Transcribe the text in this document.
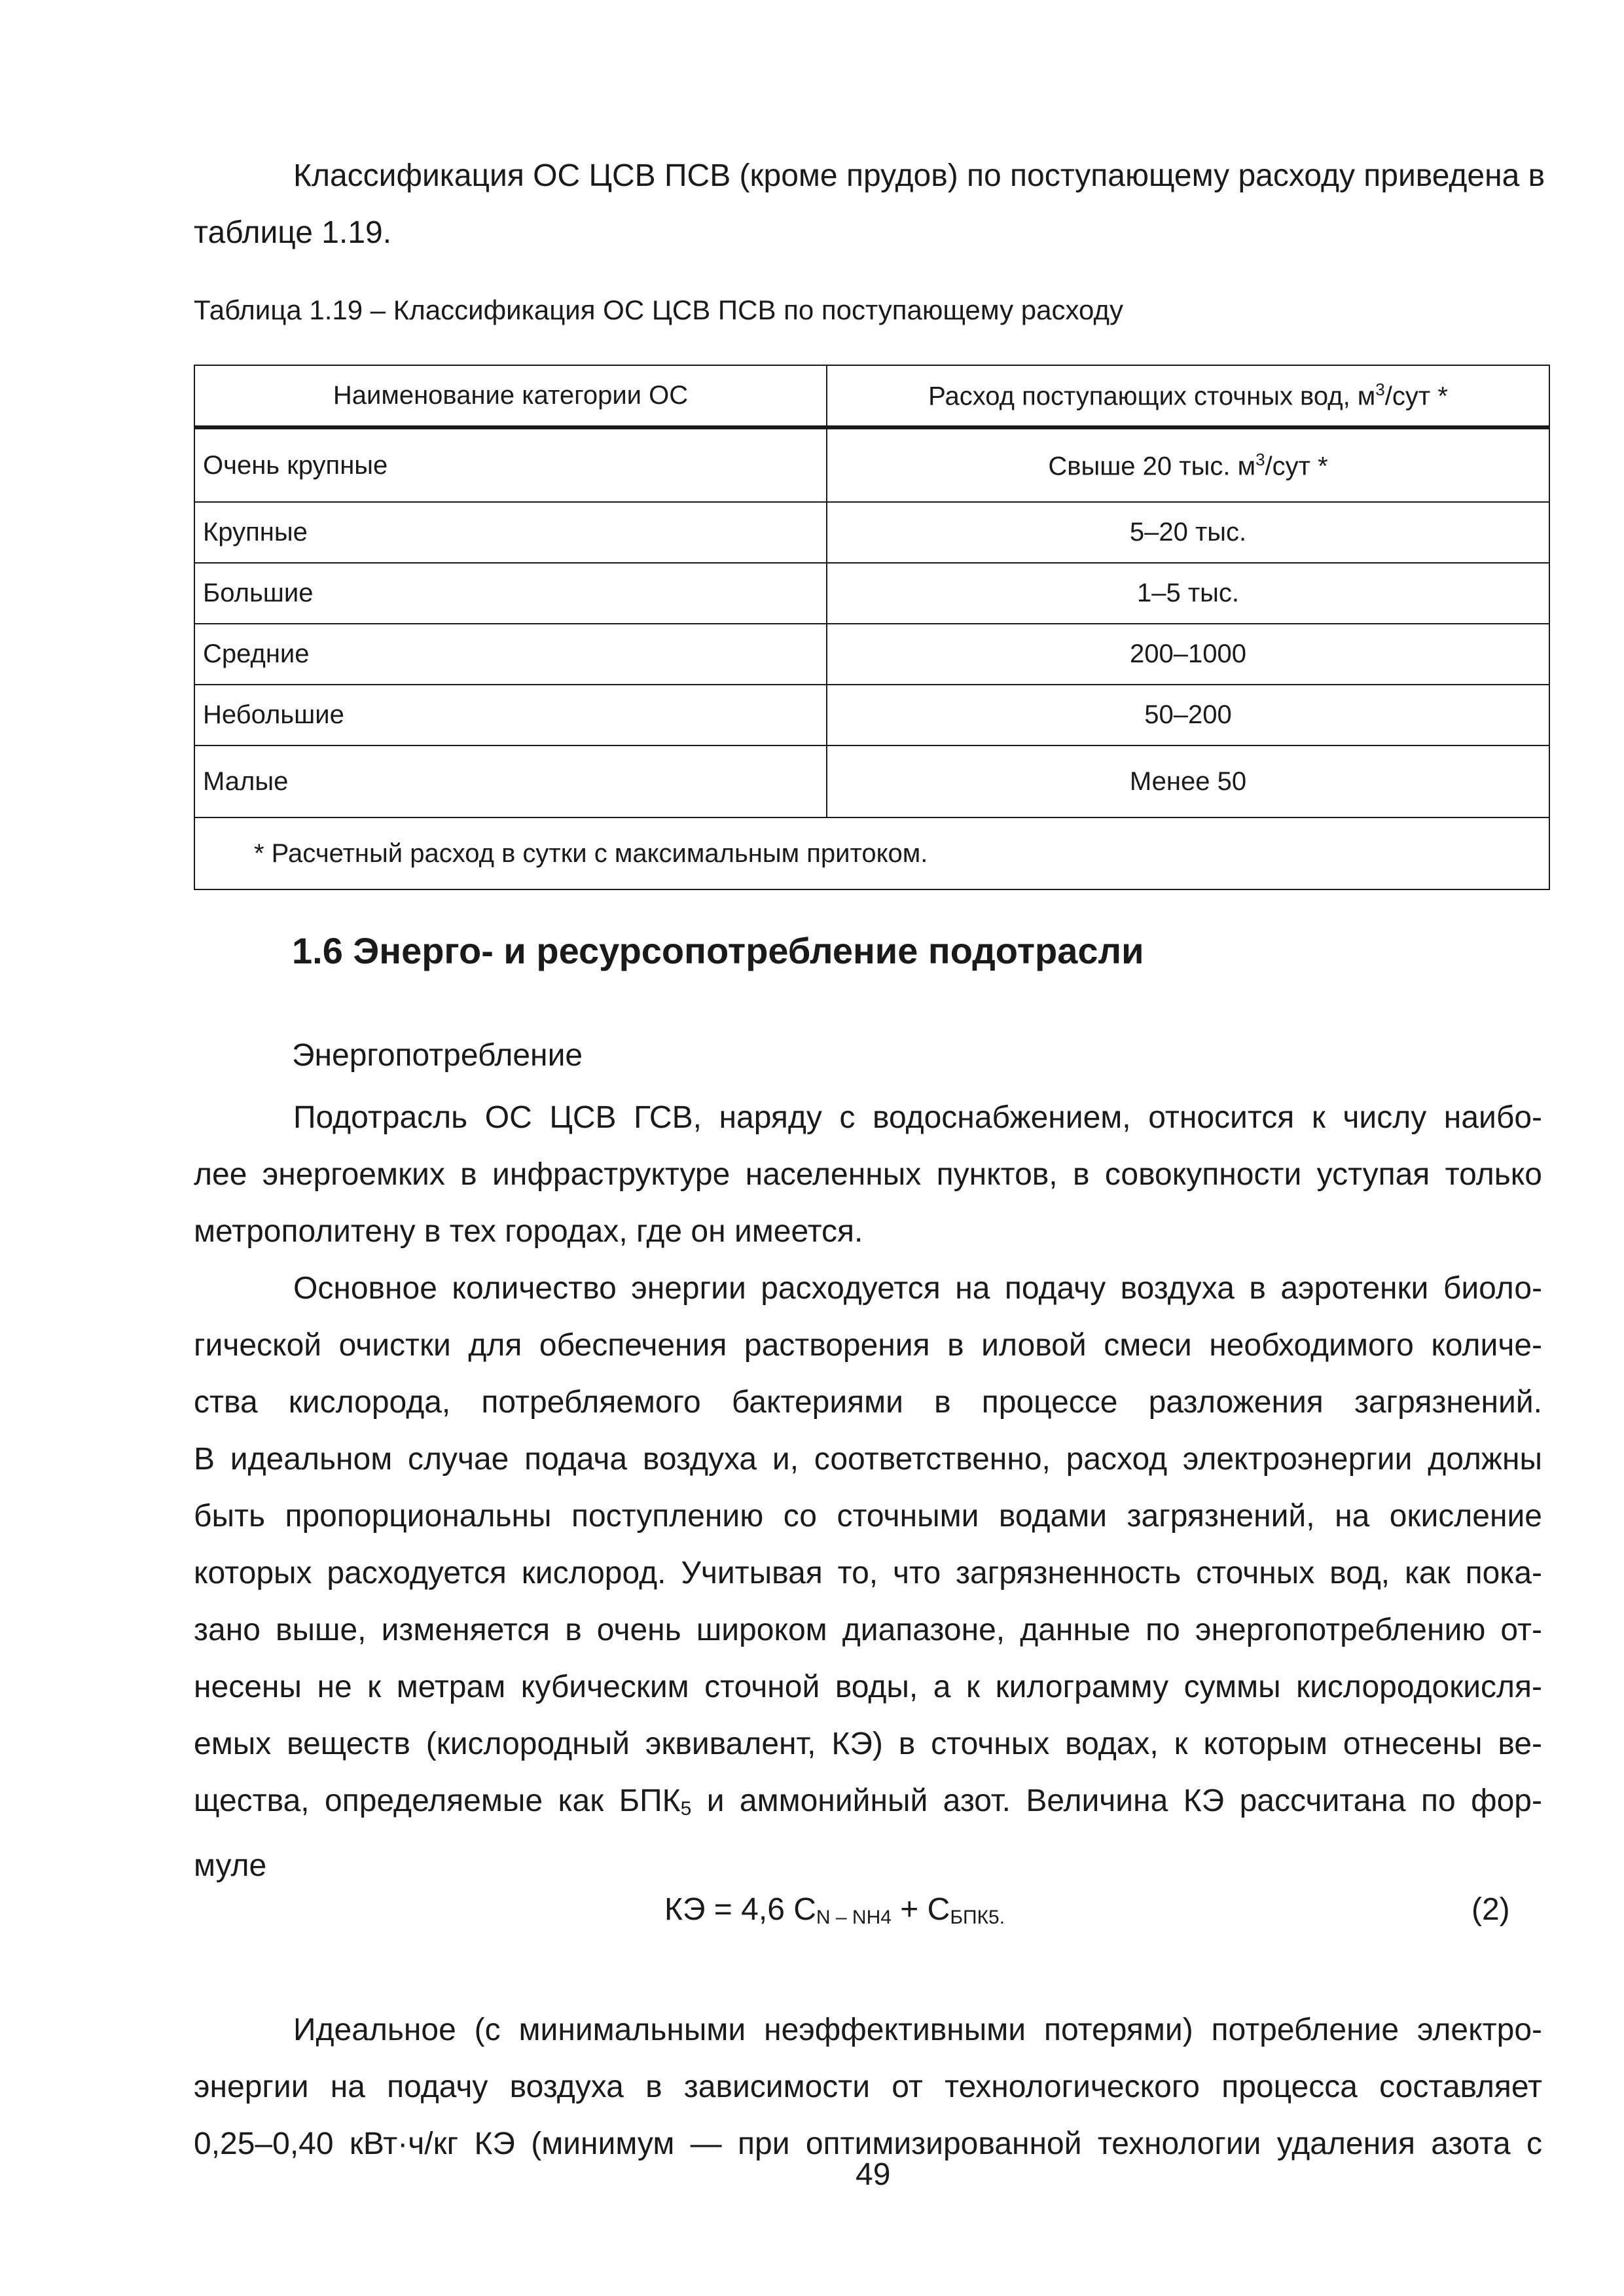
Классификация ОС ЦСВ ПСВ (кроме прудов) по поступающему расходу приведена в
таблице 1.19.

Таблица 1.19 – Классификация ОС ЦСВ ПСВ по поступающему расходу

Наименование категории ОС	Расход поступающих сточных вод, $м^3$/сут *
Очень крупные	Свыше 20 тыс. $м^3$/сут *
Крупные	5–20 тыс.
Большие	1–5 тыс.
Средние	200–1000
Небольшие	50–200
Малые	Менее 50
* Расчетный расход в сутки с максимальным притоком.	
1.6 Энерго- и ресурсопотребление подотрасли

Энергопотребление

Подотрасль ОС ЦСВ ГСВ, наряду с водоснабжением, относится к числу наибо-
лее энергоемких в инфраструктуре населенных пунктов, в совокупности уступая только
метрополитену в тех городах, где он имеется.
Основное количество энергии расходуется на подачу воздуха в аэротенки биоло-
гической очистки для обеспечения растворения в иловой смеси необходимого количе-
ства кислорода, потребляемого бактериями в процессе разложения загрязнений.
В идеальном случае подача воздуха и, соответственно, расход электроэнергии должны
быть пропорциональны поступлению со сточными водами загрязнений, на окисление
которых расходуется кислород. Учитывая то, что загрязненность сточных вод, как пока-
зано выше, изменяется в очень широком диапазоне, данные по энергопотреблению от-
несены не к метрам кубическим сточной воды, а к килограмму суммы кислородокисля-
емых веществ (кислородный эквивалент, КЭ) в сточных водах, к которым отнесены ве-
щества, определяемые как $БПК_5$ и аммонийный азот. Величина КЭ рассчитана по фор-
муле
КЭ = 4,6 $С_{N - NH4} + С_{БПК5.}$	(2)
Идеальное (с минимальными неэффективными потерями) потребление электро-
энергии на подачу воздуха в зависимости от технологического процесса составляет
0,25–0,40 кВт·ч/кг КЭ (минимум — при оптимизированной технологии удаления азота с
49
